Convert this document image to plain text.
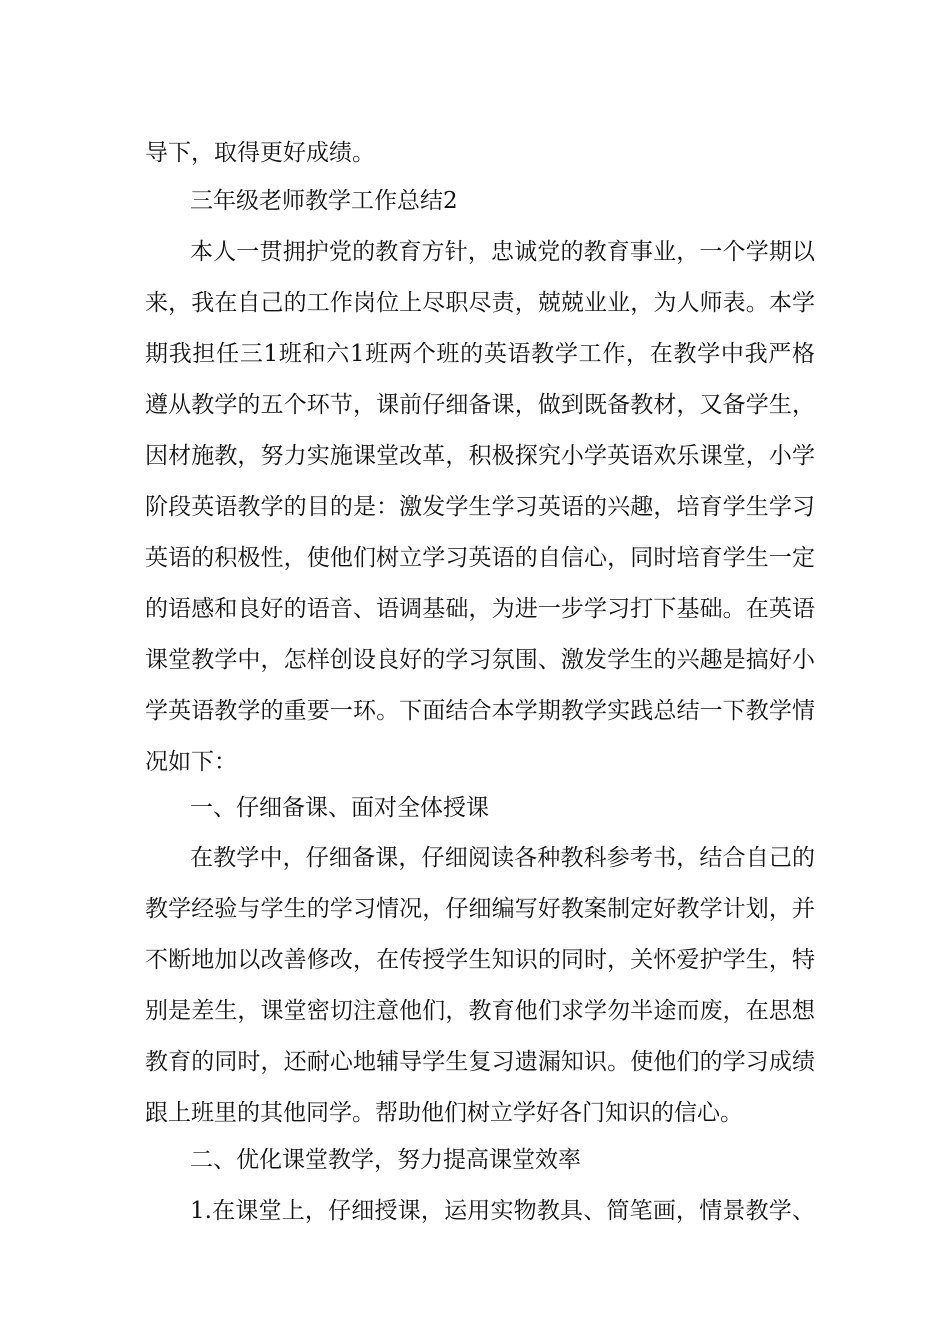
导下，取得更好成绩。
三年级老师教学工作总结2
本人一贯拥护党的教育方针，忠诚党的教育事业，一个学期以
来，我在自己的工作岗位上尽职尽责，兢兢业业，为人师表。本学
期我担任三1班和六1班两个班的英语教学工作，在教学中我严格
遵从教学的五个环节，课前仔细备课，做到既备教材，又备学生，
因材施教，努力实施课堂改革，积极探究小学英语欢乐课堂，小学
阶段英语教学的目的是：激发学生学习英语的兴趣，培育学生学习
英语的积极性，使他们树立学习英语的自信心，同时培育学生一定
的语感和良好的语音、语调基础，为进一步学习打下基础。在英语
课堂教学中，怎样创设良好的学习氛围、激发学生的兴趣是搞好小
学英语教学的重要一环。下面结合本学期教学实践总结一下教学情
况如下：
一、仔细备课、面对全体授课
在教学中，仔细备课，仔细阅读各种教科参考书，结合自己的
教学经验与学生的学习情况，仔细编写好教案制定好教学计划，并
不断地加以改善修改，在传授学生知识的同时，关怀爱护学生，特
别是差生，课堂密切注意他们，教育他们求学勿半途而废，在思想
教育的同时，还耐心地辅导学生复习遗漏知识。使他们的学习成绩
跟上班里的其他同学。帮助他们树立学好各门知识的信心。
二、优化课堂教学，努力提高课堂效率
1.在课堂上，仔细授课，运用实物教具、简笔画，情景教学、
